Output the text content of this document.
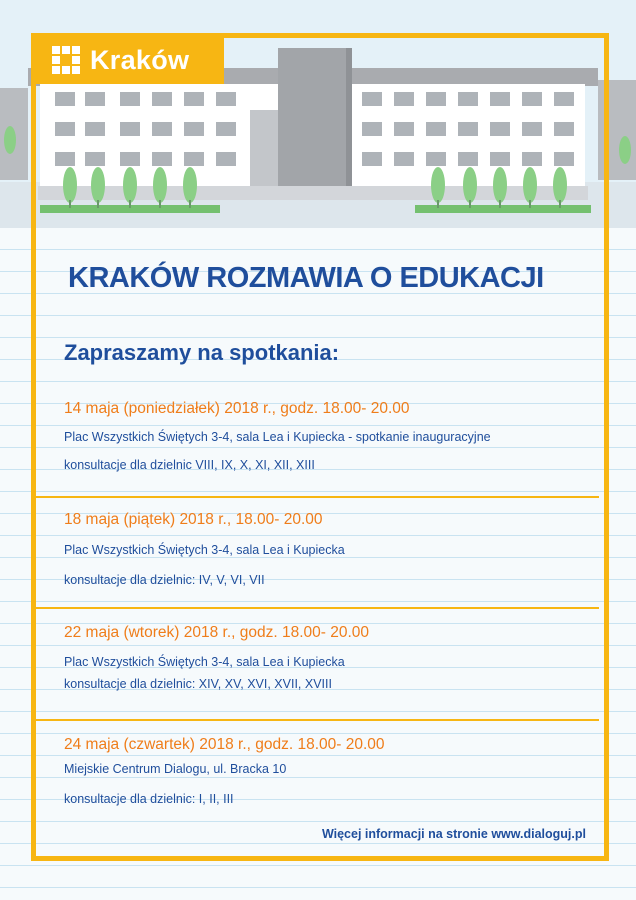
Kraków
KRAKÓW ROZMAWIA O EDUKACJI
Zapraszamy na spotkania:
14 maja (poniedziałek) 2018 r., godz. 18.00- 20.00
Plac Wszystkich Świętych 3-4, sala Lea i Kupiecka - spotkanie inauguracyjne
konsultacje dla dzielnic VIII, IX, X, XI, XII, XIII
18 maja (piątek) 2018 r., 18.00- 20.00
Plac Wszystkich Świętych 3-4, sala Lea i Kupiecka
konsultacje dla dzielnic: IV, V, VI, VII
22 maja (wtorek) 2018 r., godz. 18.00- 20.00
Plac Wszystkich Świętych 3-4, sala Lea i Kupiecka
konsultacje dla dzielnic: XIV, XV, XVI, XVII, XVIII
24 maja (czwartek) 2018 r., godz. 18.00- 20.00
Miejskie Centrum Dialogu, ul. Bracka 10
konsultacje dla dzielnic: I, II, III
Więcej informacji na stronie www.dialoguj.pl
